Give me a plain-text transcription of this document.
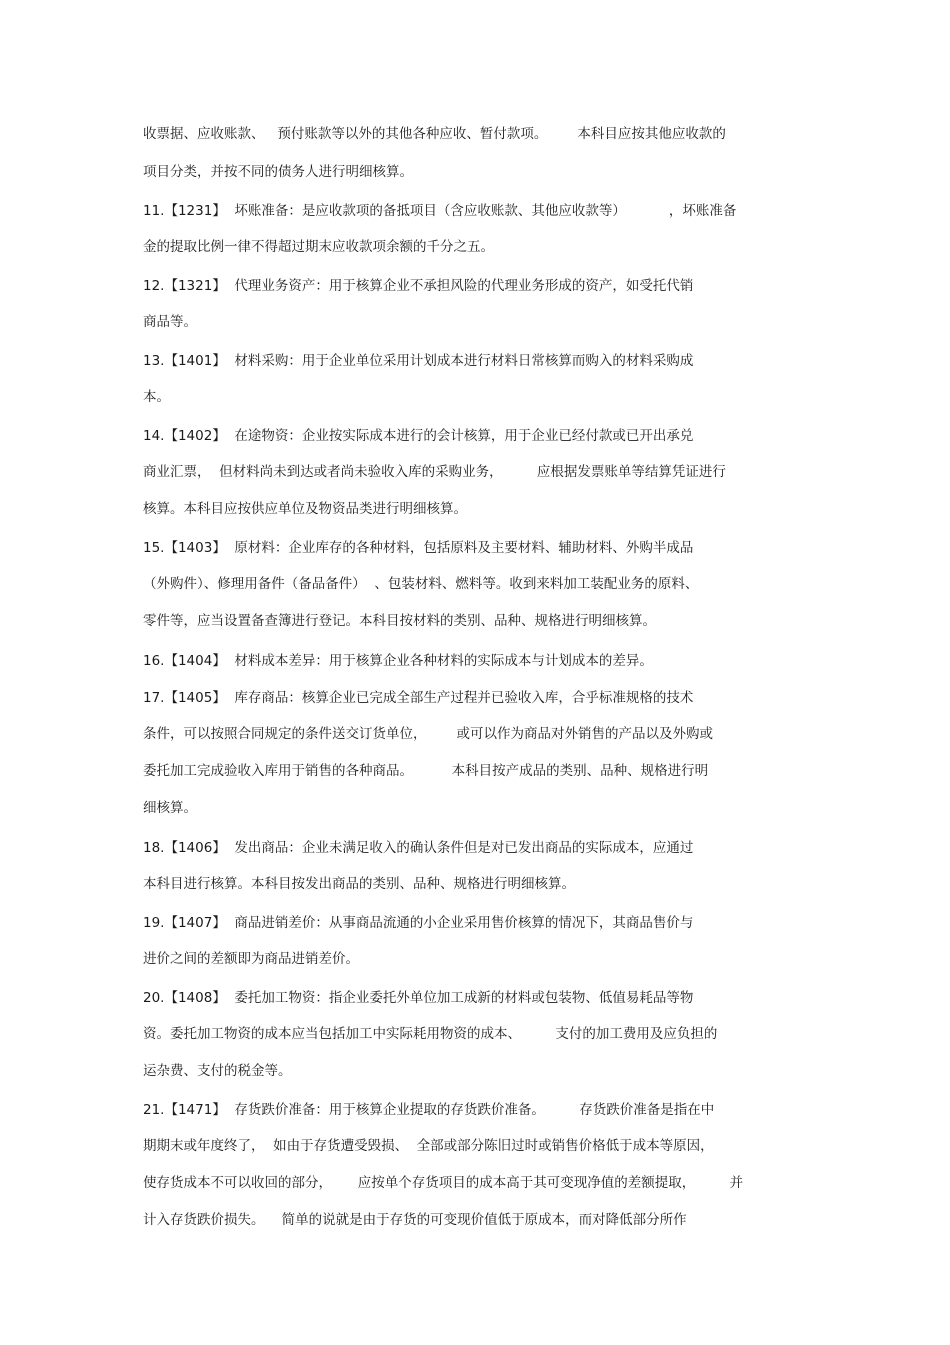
收票据、应收账款、   预付账款等以外的其他各种应收、暂付款项。       本科目应按其他应收款的

项目分类，并按不同的债务人进行明细核算。

11.【1231】  坏账准备：是应收款项的备抵项目（含应收账款、其他应收款等）          ，坏账准备

金的提取比例一律不得超过期末应收款项余额的千分之五。

12.【1321】  代理业务资产：用于核算企业不承担风险的代理业务形成的资产，如受托代销

商品等。

13.【1401】  材料采购：用于企业单位采用计划成本进行材料日常核算而购入的材料采购成

本。

14.【1402】  在途物资：企业按实际成本进行的会计核算，用于企业已经付款或已开出承兑

商业汇票，  但材料尚未到达或者尚未验收入库的采购业务，        应根据发票账单等结算凭证进行

核算。本科目应按供应单位及物资品类进行明细核算。

15.【1403】  原材料：企业库存的各种材料，包括原料及主要材料、辅助材料、外购半成品

（外购件）、修理用备件（备品备件）  、包装材料、燃料等。收到来料加工装配业务的原料、

零件等，应当设置备查簿进行登记。本科目按材料的类别、品种、规格进行明细核算。

16.【1404】  材料成本差异：用于核算企业各种材料的实际成本与计划成本的差异。

17.【1405】  库存商品：核算企业已完成全部生产过程并已验收入库，合乎标准规格的技术

条件，可以按照合同规定的条件送交订货单位，       或可以作为商品对外销售的产品以及外购或

委托加工完成验收入库用于销售的各种商品。         本科目按产成品的类别、品种、规格进行明

细核算。

18.【1406】  发出商品：企业未满足收入的确认条件但是对已发出商品的实际成本，应通过

本科目进行核算。本科目按发出商品的类别、品种、规格进行明细核算。

19.【1407】  商品进销差价：从事商品流通的小企业采用售价核算的情况下，其商品售价与

进价之间的差额即为商品进销差价。

20.【1408】  委托加工物资：指企业委托外单位加工成新的材料或包装物、低值易耗品等物

资。委托加工物资的成本应当包括加工中实际耗用物资的成本、        支付的加工费用及应负担的

运杂费、支付的税金等。

21.【1471】  存货跌价准备：用于核算企业提取的存货跌价准备。        存货跌价准备是指在中

期期末或年度终了，  如由于存货遭受毁损、  全部或部分陈旧过时或销售价格低于成本等原因，

使存货成本不可以收回的部分，      应按单个存货项目的成本高于其可变现净值的差额提取，        并

计入存货跌价损失。    简单的说就是由于存货的可变现价值低于原成本，而对降低部分所作
